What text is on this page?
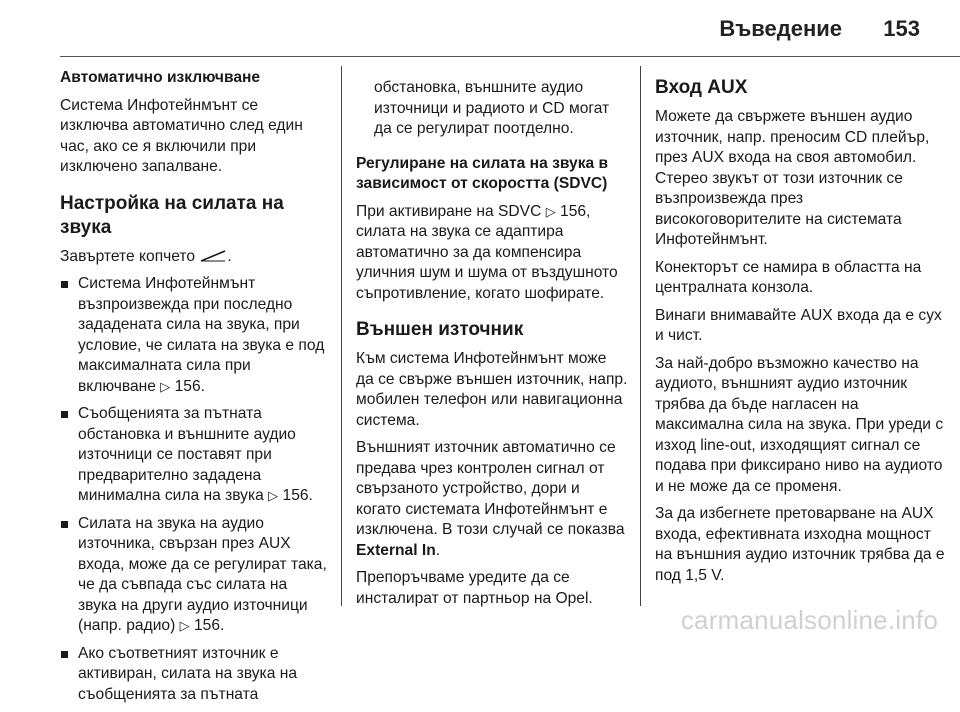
Въведение 153

Автоматично изключване

Система Инфотейнмънт се изключва автоматично след един час, ако се я включили при изключено запалване.

Настройка на силата на звука

Завъртете копчето .

Система Инфотейнмънт възпроизвежда при последно зададената сила на звука, при условие, че силата на звука е под максималната сила при включване ▷ 156.
Съобщенията за пътната обстановка и външните аудио източници се поставят при предварително зададена минимална сила на звука ▷ 156.
Силата на звука на аудио източника, свързан през AUX входа, може да се регулират така, че да съвпада със силата на звука на други аудио източници (напр. радио) ▷ 156.
Ако съответният източник е активиран, силата на звука на съобщенията за пътната

обстановка, външните аудио източници и радиото и CD могат да се регулират поотделно.

Регулиране на силата на звука в зависимост от скоростта (SDVC)

При активиране на SDVC ▷ 156, силата на звука се адаптира автоматично за да компенсира уличния шум и шума от въздушното съпротивление, когато шофирате.

Външен източник

Към система Инфотейнмънт може да се свърже външен източник, напр. мобилен телефон или навигационна система.

Външният източник автоматично се предава чрез контролен сигнал от свързаното устройство, дори и когато системата Инфотейнмънт е изключена. В този случай се показва External In.

Препоръчваме уредите да се инсталират от партньор на Opel.

Вход AUX

Можете да свържете външен аудио източник, напр. преносим CD плейър, през AUX входа на своя автомобил. Стерео звукът от този източник се възпроизвежда през високоговорителите на системата Инфотейнмънт.

Конекторът се намира в областта на централната конзола.

Винаги внимавайте AUX входа да е сух и чист.

За най-добро възможно качество на аудиото, външният аудио източник трябва да бъде нагласен на максимална сила на звука. При уреди с изход line-out, изходящият сигнал се подава при фиксирано ниво на аудиото и не може да се променя.

За да избегнете претоварване на AUX входа, ефективната изходна мощност на външния аудио източник трябва да е под 1,5 V.

carmanualsonline.info
